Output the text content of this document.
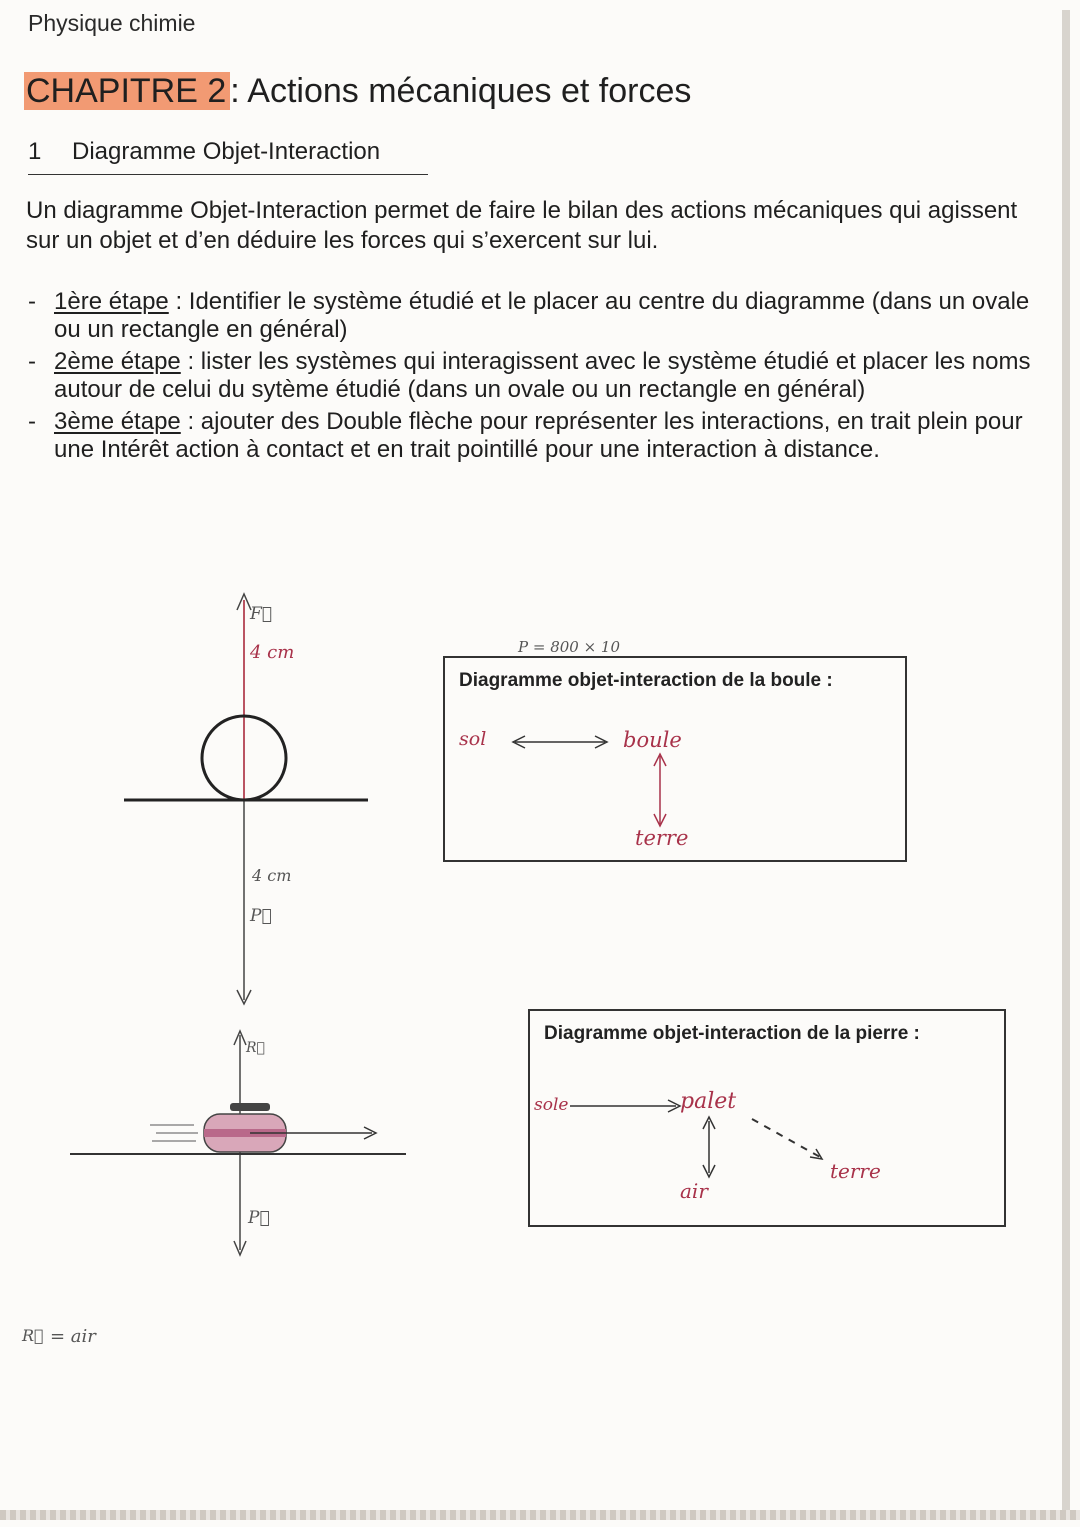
Physique chimie
CHAPITRE 2 : Actions mécaniques et forces
1 Diagramme Objet-Interaction
Un diagramme Objet-Interaction permet de faire le bilan des actions mécaniques qui agissent sur un objet et d’en déduire les forces qui s’exercent sur lui.
- 1ère étape : Identifier le système étudié et le placer au centre du diagramme (dans un ovale ou un rectangle en général)
- 2ème étape : lister les systèmes qui interagissent avec le système étudié et placer les noms autour de celui du sytème étudié (dans un ovale ou un rectangle en général)
- 3ème étape : ajouter des Double flèche pour représenter les interactions, en trait plein pour une Intérêt action à contact et en trait pointillé pour une interaction à distance.
F⃗
4 cm
4 cm
P⃗
P = 800 × 10
Diagramme objet-interaction de la boule :
sol	boule
terre
R⃗
P⃗
Diagramme objet-interaction de la pierre :
sole	palet
air
terre
R⃗ = air
